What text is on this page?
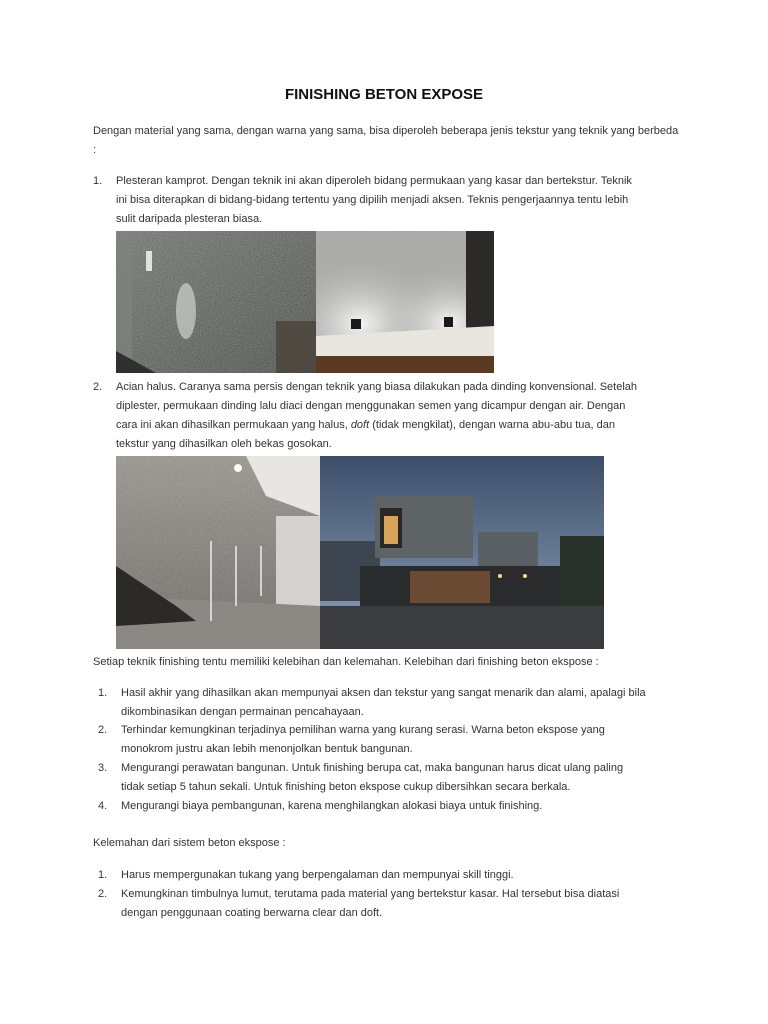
FINISHING BETON EXPOSE
Dengan material yang sama, dengan warna yang sama, bisa diperoleh beberapa jenis tekstur yang teknik yang berbeda :
1. Plesteran kamprot. Dengan teknik ini akan diperoleh bidang permukaan yang kasar dan bertekstur. Teknik
ini bisa diterapkan di bidang-bidang tertentu yang dipilih menjadi aksen. Teknis pengerjaannya tentu lebih
sulit daripada plesteran biasa.
2. Acian halus. Caranya sama persis dengan teknik yang biasa dilakukan pada dinding konvensional. Setelah
diplester, permukaan dinding lalu diaci dengan menggunakan semen yang dicampur dengan air. Dengan
cara ini akan dihasilkan permukaan yang halus, doft (tidak mengkilat), dengan warna abu-abu tua, dan
tekstur yang dihasilkan oleh bekas gosokan.
Setiap teknik finishing tentu memiliki kelebihan dan kelemahan. Kelebihan dari finishing beton ekspose :
1. Hasil akhir yang dihasilkan akan mempunyai aksen dan tekstur yang sangat menarik dan alami, apalagi bila
dikombinasikan dengan permainan pencahayaan.
2. Terhindar kemungkinan terjadinya pemilihan warna yang kurang serasi. Warna beton ekspose yang
monokrom justru akan lebih menonjolkan bentuk bangunan.
3. Mengurangi perawatan bangunan. Untuk finishing berupa cat, maka bangunan harus dicat ulang paling
tidak setiap 5 tahun sekali. Untuk finishing beton ekspose cukup dibersihkan secara berkala.
4. Mengurangi biaya pembangunan, karena menghilangkan alokasi biaya untuk finishing.
Kelemahan dari sistem beton ekspose :
1. Harus mempergunakan tukang yang berpengalaman dan mempunyai skill tinggi.
2. Kemungkinan timbulnya lumut, terutama pada material yang bertekstur kasar. Hal tersebut bisa diatasi
dengan penggunaan coating berwarna clear dan doft.
